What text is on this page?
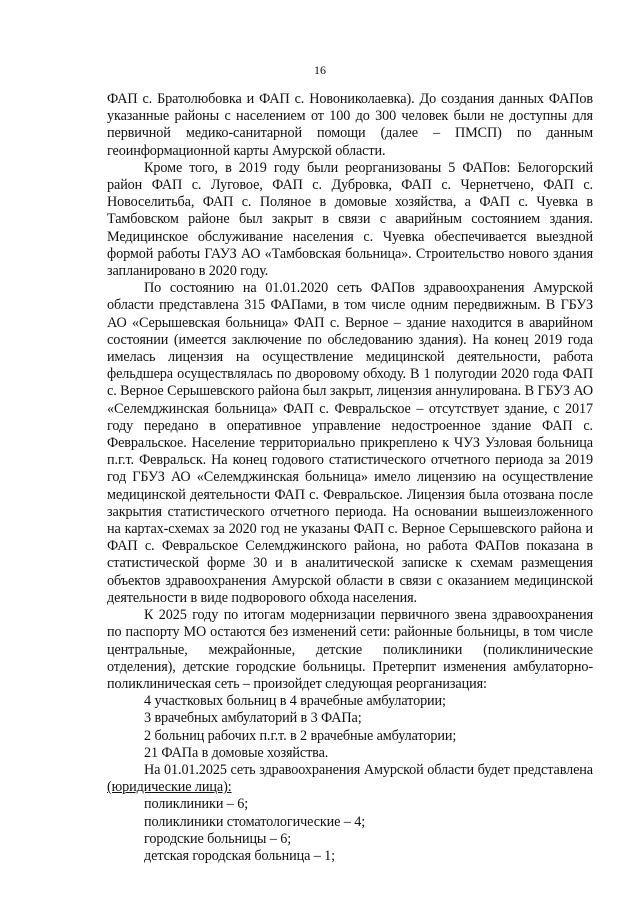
16

ФАП с. Братолюбовка и ФАП с. Новониколаевка). До создания данных ФАПов указанные районы с населением от 100 до 300 человек были не доступны для первичной медико-санитарной помощи (далее – ПМСП) по данным геоинформационной карты Амурской области.

Кроме того, в 2019 году были реорганизованы 5 ФАПов: Белогорский район ФАП с. Луговое, ФАП с. Дубровка, ФАП с. Чернетчено, ФАП с. Новоселитьба, ФАП с. Поляное в домовые хозяйства, а ФАП с. Чуевка в Тамбовском районе был закрыт в связи с аварийным состоянием здания. Медицинское обслуживание населения с. Чуевка обеспечивается выездной формой работы ГАУЗ АО «Тамбовская больница». Строительство нового здания запланировано в 2020 году.

По состоянию на 01.01.2020 сеть ФАПов здравоохранения Амурской области представлена 315 ФАПами, в том числе одним передвижным. В ГБУЗ АО «Серышевская больница» ФАП с. Верное – здание находится в аварийном состоянии (имеется заключение по обследованию здания). На конец 2019 года имелась лицензия на осуществление медицинской деятельности, работа фельдшера осуществлялась по дворовому обходу. В 1 полугодии 2020 года ФАП с. Верное Серышевского района был закрыт, лицензия аннулирована. В ГБУЗ АО «Селемджинская больница» ФАП с. Февральское – отсутствует здание, с 2017 году передано в оперативное управление недостроенное здание ФАП с. Февральское. Население территориально прикреплено к ЧУЗ Узловая больница п.г.т. Февральск. На конец годового статистического отчетного периода за 2019 год ГБУЗ АО «Селемджинская больница» имело лицензию на осуществление медицинской деятельности ФАП с. Февральское. Лицензия была отозвана после закрытия статистического отчетного периода. На основании вышеизложенного на картах-схемах за 2020 год не указаны ФАП с. Верное Серышевского района и ФАП с. Февральское Селемджинского района, но работа ФАПов показана в статистической форме 30 и в аналитической записке к схемам размещения объектов здравоохранения Амурской области в связи с оказанием медицинской деятельности в виде подворового обхода населения.

К 2025 году по итогам модернизации первичного звена здравоохранения по паспорту МО остаются без изменений сети: районные больницы, в том числе центральные, межрайонные, детские поликлиники (поликлинические отделения), детские городские больницы. Претерпит изменения амбулаторно-поликлиническая сеть – произойдет следующая реорганизация:

4 участковых больниц в 4 врачебные амбулатории;

3 врачебных амбулаторий в 3 ФАПа;

2 больниц рабочих п.г.т. в 2 врачебные амбулатории;

21 ФАПа в домовые хозяйства.

На 01.01.2025 сеть здравоохранения Амурской области будет представлена (юридические лица):

поликлиники – 6;

поликлиники стоматологические – 4;

городские больницы – 6;

детская городская больница – 1;
